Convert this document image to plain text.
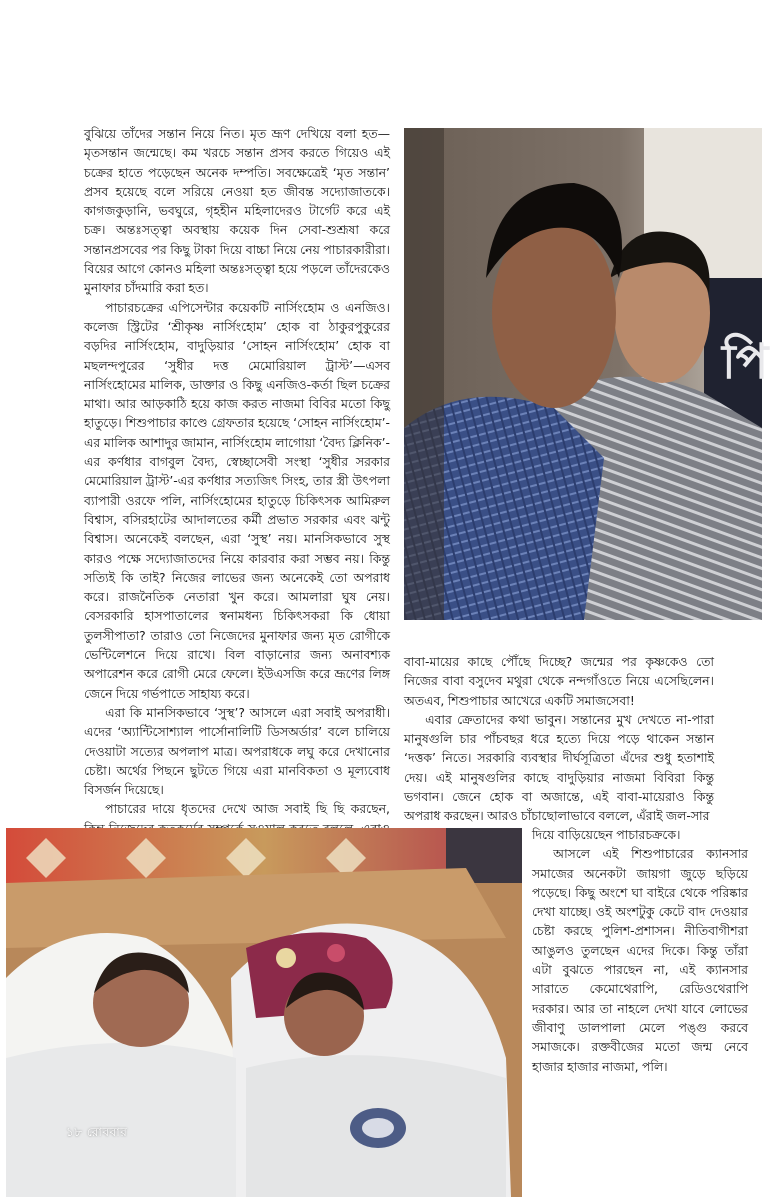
বুঝিয়ে তাঁদের সন্তান নিয়ে নিত। মৃত ভ্রূণ দেখিয়ে বলা হত—মৃতসন্তান জন্মেছে। কম খরচে সন্তান প্রসব করতে গিয়েও এই চক্রের হাতে পড়েছেন অনেক দম্পতি। সবক্ষেত্রেই ‘মৃত সন্তান’ প্রসব হয়েছে বলে সরিয়ে নেওয়া হত জীবন্ত সদ্যোজাতকে। কাগজকুড়ানি, ভবঘুরে, গৃহহীন মহিলাদেরও টার্গেট করে এই চক্র। অন্তঃসত্ত্বা অবস্থায় কয়েক দিন সেবা-শুশ্রূষা করে সন্তানপ্রসবের পর কিছু টাকা দিয়ে বাচ্চা নিয়ে নেয় পাচারকারীরা। বিয়ের আগে কোনও মহিলা অন্তঃসত্ত্বা হয়ে পড়লে তাঁদেরকেও মুনাফার চাঁদমারি করা হত।

পাচারচক্রের এপিসেন্টার কয়েকটি নার্সিংহোম ও এনজিও। কলেজ স্ট্রিটের ‘শ্রীকৃষ্ণ নার্সিংহোম’ হোক বা ঠাকুরপুকুরের বড়দির নার্সিংহোম, বাদুড়িয়ার ‘সোহন নার্সিংহোম’ হোক বা মছলন্দপুরের ‘সুধীর দত্ত মেমোরিয়াল ট্রাস্ট’—এসব নার্সিংহোমের মালিক, ডাক্তার ও কিছু এনজিও-কর্তা ছিল চক্রের মাথা। আর আড়কাঠি হয়ে কাজ করত নাজমা বিবির মতো কিছু হাতুড়ে। শিশুপাচার কাণ্ডে গ্রেফতার হয়েছে ‘সোহন নার্সিংহোম’-এর মালিক আশাদুর জামান, নার্সিংহোম লাগোয়া ‘বৈদ্য ক্লিনিক’-এর কর্ণধার বাগবুল বৈদ্য, স্বেচ্ছাসেবী সংস্থা ‘সুধীর সরকার মেমোরিয়াল ট্রাস্ট’-এর কর্ণধার সত্যজিৎ সিংহ, তার স্ত্রী উৎপলা ব্যাপারী ওরফে পলি, নার্সিংহোমের হাতুড়ে চিকিৎসক আমিরুল বিশ্বাস, বসিরহাটের আদালতের কর্মী প্রভাত সরকার এবং ঝন্টু বিশ্বাস। অনেকেই বলছেন, এরা ‘সুস্থ’ নয়। মানসিকভাবে সুস্থ কারও পক্ষে সদ্যোজাতদের নিয়ে কারবার করা সম্ভব নয়। কিন্তু সত্যিই কি তাই? নিজের লাভের জন্য অনেকেই তো অপরাধ করে। রাজনৈতিক নেতারা খুন করে। আমলারা ঘুষ নেয়। বেসরকারি হাসপাতালের স্বনামধন্য চিকিৎসকরা কি ধোয়া তুলসীপাতা? তারাও তো নিজেদের মুনাফার জন্য মৃত রোগীকে ভেন্টিলেশনে দিয়ে রাখে। বিল বাড়ানোর জন্য অনাবশ্যক অপারেশন করে রোগী মেরে ফেলে। ইউএসজি করে ভ্রূণের লিঙ্গ জেনে দিয়ে গর্ভপাতে সাহায্য করে।

এরা কি মানসিকভাবে ‘সুস্থ’? আসলে এরা সবাই অপরাধী। এদের ‘অ্যান্টিসোশ্যাল পার্সোনালিটি ডিসঅর্ডার’ বলে চালিয়ে দেওয়াটা সত্যের অপলাপ মাত্র। অপরাধকে লঘু করে দেখানোর চেষ্টা। অর্থের পিছনে ছুটতে গিয়ে এরা মানবিকতা ও মূল্যবোধ বিসর্জন দিয়েছে।

পাচারের দায়ে ধৃতদের দেখে আজ সবাই ছি ছি করছেন,

পি

বাবা-মায়ের কাছে পৌঁছে দিচ্ছে? জন্মের পর কৃষ্ণকেও তো নিজের বাবা বসুদেব মথুরা থেকে নন্দগাঁওতে নিয়ে এসেছিলেন। অতএব, শিশুপাচার আখেরে একটি সমাজসেবা!

এবার ক্রেতাদের কথা ভাবুন। সন্তানের মুখ দেখতে না-পারা মানুষগুলি চার পাঁচবছর ধরে হত্যে দিয়ে পড়ে থাকেন সন্তান ‘দত্তক’ নিতে। সরকারি ব্যবস্থার দীর্ঘসূত্রিতা এঁদের শুধু হতাশাই দেয়। এই মানুষগুলির কাছে বাদুড়িয়ার নাজমা বিবিরা কিন্তু ভগবান। জেনে হোক বা অজান্তে, এই বাবা-মায়েরাও কিন্তু অপরাধ করছেন। আরও চাঁচাছোলাভাবে বললে, এঁরাই জল-সার

দিয়ে বাড়িয়েছেন পাচারচক্রকে।

আসলে এই শিশুপাচারের ক্যানসার সমাজের অনেকটা জায়গা জুড়ে ছড়িয়ে পড়েছে। কিছু অংশে ঘা বাইরে থেকে পরিষ্কার দেখা যাচ্ছে। ওই অংশটুকু কেটে বাদ দেওয়ার চেষ্টা করছে পুলিশ-প্রশাসন। নীতিবাগীশরা আঙুলও তুলছেন এদের দিকে। কিন্তু তাঁরা এটা বুঝতে পারছেন না, এই ক্যানসার সারাতে কেমোথেরাপি, রেডিওথেরাপি দরকার। আর তা নাহলে দেখা যাবে লোভের জীবাণু ডালপালা মেলে পঙ্গু করবে সমাজকে। রক্তবীজের মতো জন্ম নেবে হাজার হাজার নাজমা, পলি।

১৮ রোববার
